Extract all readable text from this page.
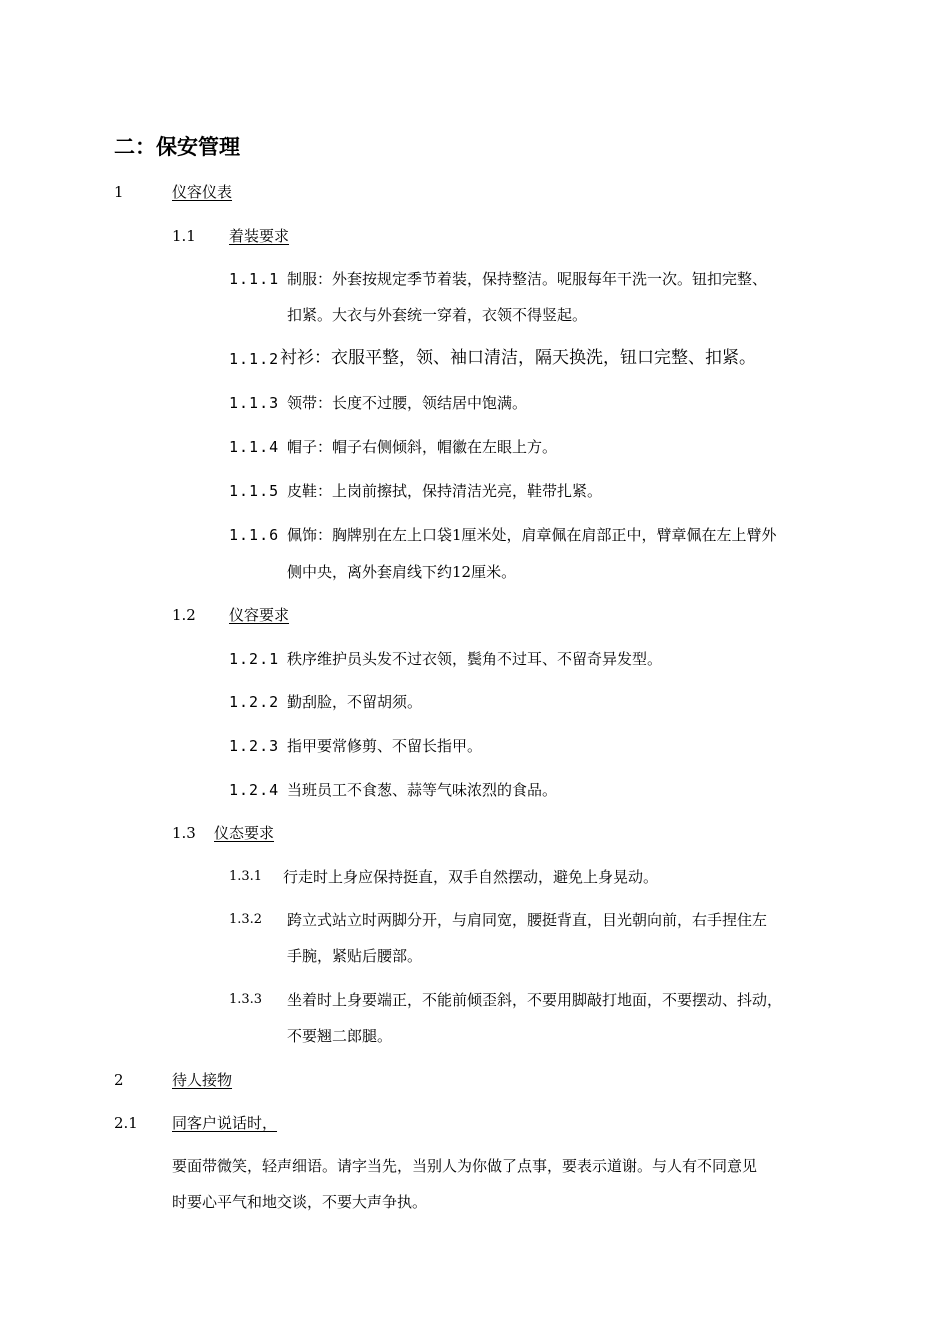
二：保安管理
1	仪容仪表
1.1 着装要求
1.1.1 制服：外套按规定季节着装，保持整洁。呢服每年干洗一次。钮扣完整、
扣紧。大衣与外套统一穿着，衣领不得竖起。
1.1.2 衬衫：衣服平整，领、袖口清洁，隔天换洗，钮口完整、扣紧。
1.1.3 领带：长度不过腰，领结居中饱满。
1.1.4 帽子：帽子右侧倾斜，帽徽在左眼上方。
1.1.5 皮鞋：上岗前擦拭，保持清洁光亮，鞋带扎紧。
1.1.6 佩饰：胸牌别在左上口袋1厘米处，肩章佩在肩部正中，臂章佩在左上臂外
侧中央，离外套肩线下约12厘米。
1.2 仪容要求
1.2.1 秩序维护员头发不过衣领，鬓角不过耳、不留奇异发型。
1.2.2 勤刮脸，不留胡须。
1.2.3 指甲要常修剪、不留长指甲。
1.2.4 当班员工不食葱、蒜等气味浓烈的食品。
1.3 仪态要求
1.3.1 行走时上身应保持挺直，双手自然摆动，避免上身晃动。
1.3.2 跨立式站立时两脚分开，与肩同宽，腰挺背直，目光朝向前，右手捏住左
手腕，紧贴后腰部。
1.3.3 坐着时上身要端正，不能前倾歪斜，不要用脚敲打地面，不要摆动、抖动，
不要翘二郎腿。
2	待人接物
2.1 同客户说话时，
要面带微笑，轻声细语。请字当先，当别人为你做了点事，要表示道谢。与人有不同意见
时要心平气和地交谈，不要大声争执。
